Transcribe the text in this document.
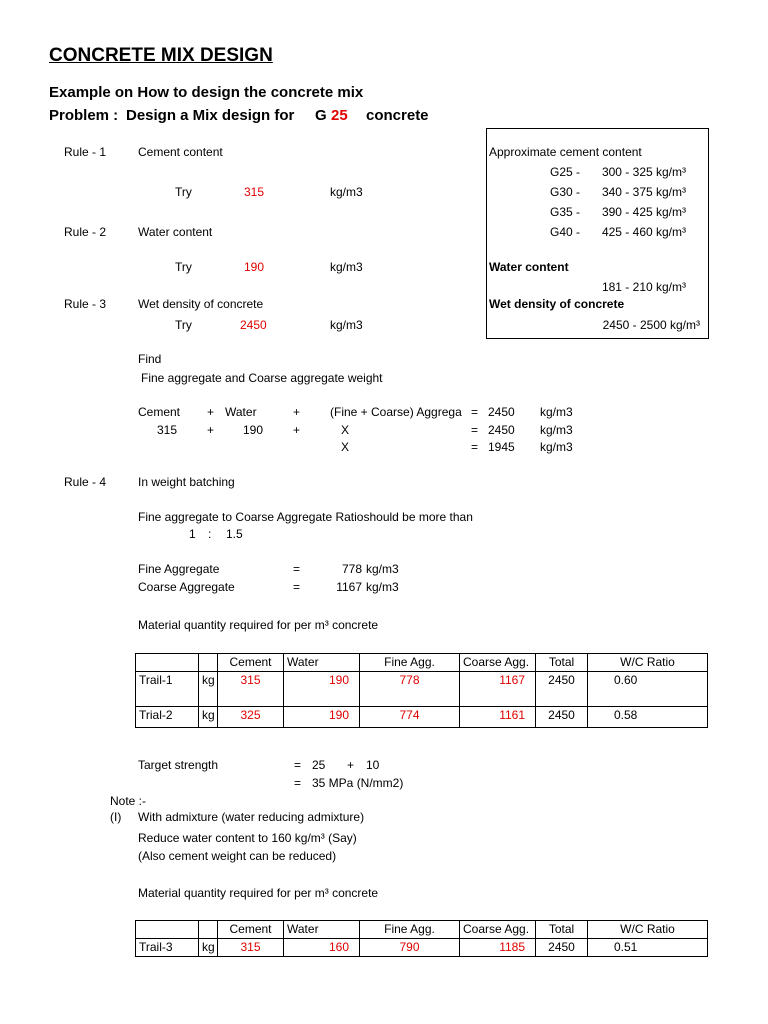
CONCRETE MIX DESIGN
Example on How to design the concrete mix
Problem : Design a Mix design for G 25 concrete
Approximate cement content
G25 -	300 - 325 kg/m³
G30 -	340 - 375 kg/m³
G35 -	390 - 425 kg/m³
G40 -	425 - 460 kg/m³
Water content
181 - 210 kg/m³
Wet density of concrete
2450 - 2500 kg/m³
Rule - 1	Cement content
Try	315	kg/m3
Rule - 2	Water content
Try	190	kg/m3
Rule - 3	Wet density of concrete
Try	2450	kg/m3
Find
Fine aggregate and Coarse aggregate weight
Cement + Water	+ (Fine + Coarse) Aggrega = 2450 kg/m3
315 + 190 +	X	= 2450 kg/m3
X	= 1945 kg/m3
Rule - 4	In weight batching
Fine aggregate to Coarse Aggregate Ratioshould be more than
1 : 1.5
Fine Aggregate	=	778 kg/m3
Coarse Aggregate	=	1167 kg/m3
Material quantity required for per m³ concrete
		Cement	Water	Fine Agg.	Coarse Agg.	Total	W/C Ratio
Trail-1	kg	315	190	778	1167	2450	0.60
Trial-2	kg	325	190	774	1161	2450	0.58
Target strength	= 25 + 10
= 35 MPa (N/mm2)
Note :-
(I) With admixture (water reducing admixture)
Reduce water content to 160 kg/m³ (Say)
(Also cement weight can be reduced)
Material quantity required for per m³ concrete
		Cement	Water	Fine Agg.	Coarse Agg.	Total	W/C Ratio
Trail-3	kg	315	160	790	1185	2450	0.51
